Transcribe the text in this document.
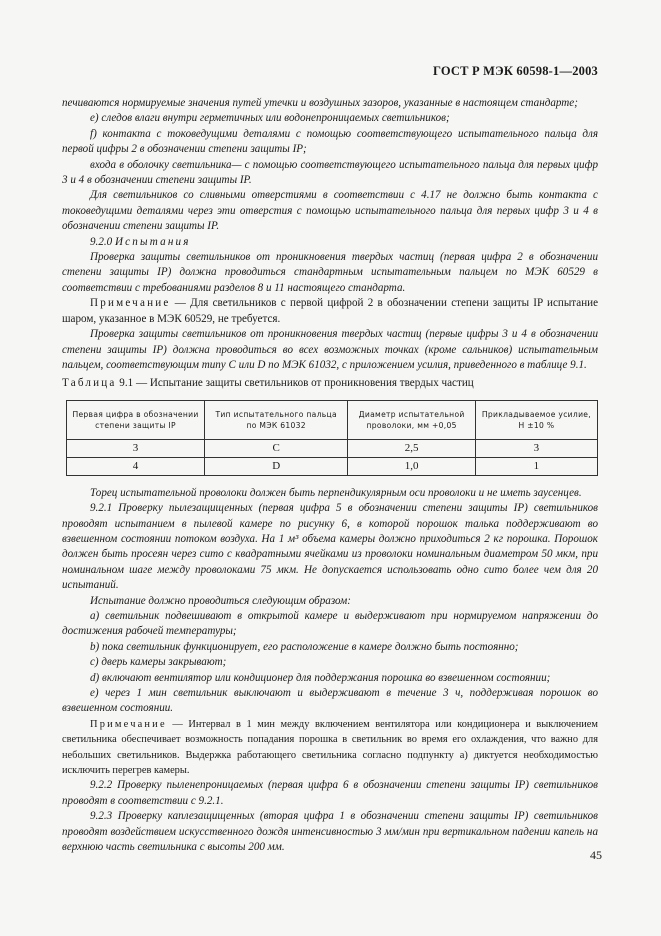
ГОСТ Р МЭК 60598-1—2003

печиваются нормируемые значения путей утечки и воздушных зазоров, указанные в настоящем стандарте;

e) следов влаги внутри герметичных или водонепроницаемых светильников;

f) контакта с токоведущими деталями с помощью соответствующего испытательного пальца для первой цифры 2 в обозначении степени защиты IP;

входа в оболочку светильника— с помощью соответствующего испытательного пальца для первых цифр 3 и 4 в обозначении степени защиты IP.

Для светильников со сливными отверстиями в соответствии с 4.17 не должно быть контакта с токоведущими деталями через эти отверстия с помощью испытательного пальца для первых цифр 3 и 4 в обозначении степени защиты IP.

9.2.0 Испытания

Проверка защиты светильников от проникновения твердых частиц (первая цифра 2 в обозначении степени защиты IP) должна проводиться стандартным испытательным пальцем по МЭК 60529 в соответствии с требованиями разделов 8 и 11 настоящего стандарта.

Примечание — Для светильников с первой цифрой 2 в обозначении степени защиты IP испытание шаром, указанное в МЭК 60529, не требуется.

Проверка защиты светильников от проникновения твердых частиц (первые цифры 3 и 4 в обозначении степени защиты IP) должна проводиться во всех возможных точках (кроме сальников) испытательным пальцем, соответствующим типу C или D по МЭК 61032, с приложением усилия, приведенного в таблице 9.1.

Таблица 9.1 — Испытание защиты светильников от проникновения твердых частиц
Первая цифра в обозначении степени защиты IP	Тип испытательного пальца по МЭК 61032	Диаметр испытательной проволоки, мм +0,05	Прикладываемое усилие, Н ±10 %
3	C	2,5	3
4	D	1,0	1

Торец испытательной проволоки должен быть перпендикулярным оси проволоки и не иметь заусенцев.

9.2.1 Проверку пылезащищенных (первая цифра 5 в обозначении степени защиты IP) светильников проводят испытанием в пылевой камере по рисунку 6, в которой порошок талька поддерживают во взвешенном состоянии потоком воздуха. На 1 м³ объема камеры должно приходиться 2 кг порошка. Порошок должен быть просеян через сито с квадратными ячейками из проволоки номинальным диаметром 50 мкм, при номинальном шаге между проволоками 75 мкм. Не допускается использовать одно сито более чем для 20 испытаний.

Испытание должно проводиться следующим образом:

a) светильник подвешивают в открытой камере и выдерживают при нормируемом напряжении до достижения рабочей температуры;

b) пока светильник функционирует, его расположение в камере должно быть постоянно;

c) дверь камеры закрывают;

d) включают вентилятор или кондиционер для поддержания порошка во взвешенном состоянии;

e) через 1 мин светильник выключают и выдерживают в течение 3 ч, поддерживая порошок во взвешенном состоянии.

Примечание — Интервал в 1 мин между включением вентилятора или кондиционера и выключением светильника обеспечивает возможность попадания порошка в светильник во время его охлаждения, что важно для небольших светильников. Выдержка работающего светильника согласно подпункту a) диктуется необходимостью исключить перегрев камеры.

9.2.2 Проверку пыленепроницаемых (первая цифра 6 в обозначении степени защиты IP) светильников проводят в соответствии с 9.2.1.

9.2.3 Проверку каплезащищенных (вторая цифра 1 в обозначении степени защиты IP) светильников проводят воздействием искусственного дождя интенсивностью 3 мм/мин при вертикальном падении капель на верхнюю часть светильника с высоты 200 мм.

45
